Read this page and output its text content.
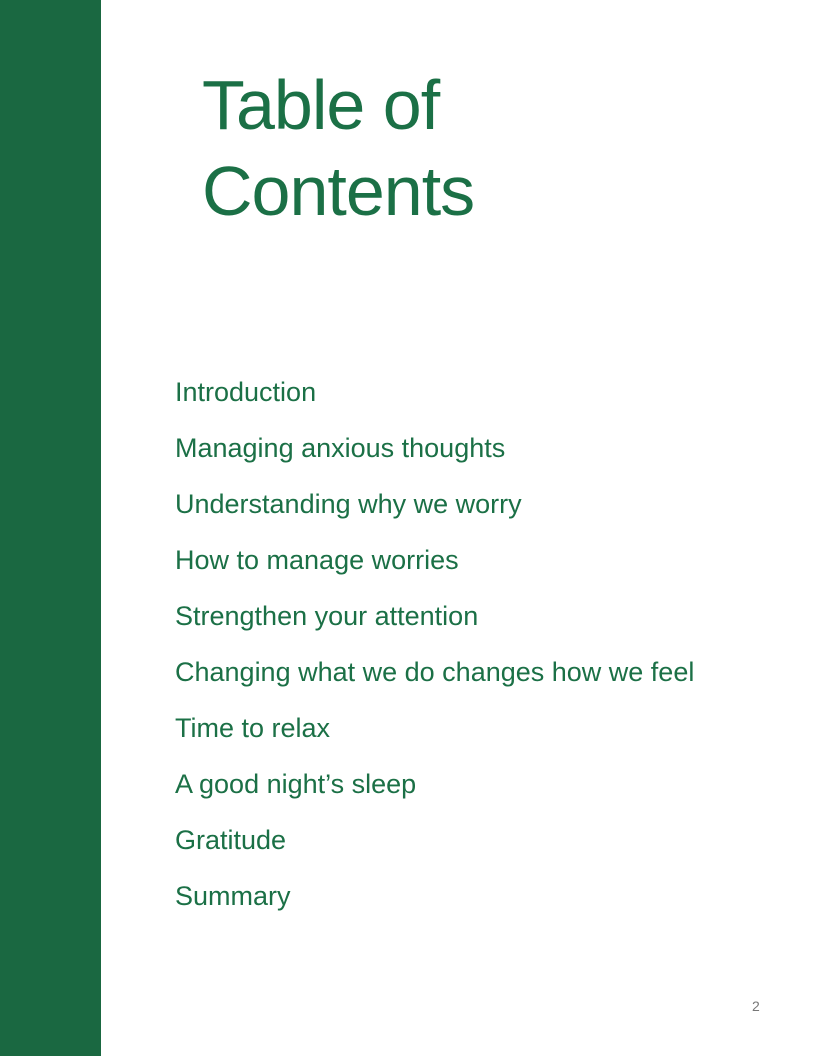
Table of
Contents
Introduction
Managing anxious thoughts
Understanding why we worry
How to manage worries
Strengthen your attention
Changing what we do changes how we feel
Time to relax
A good night’s sleep
Gratitude
Summary
2
